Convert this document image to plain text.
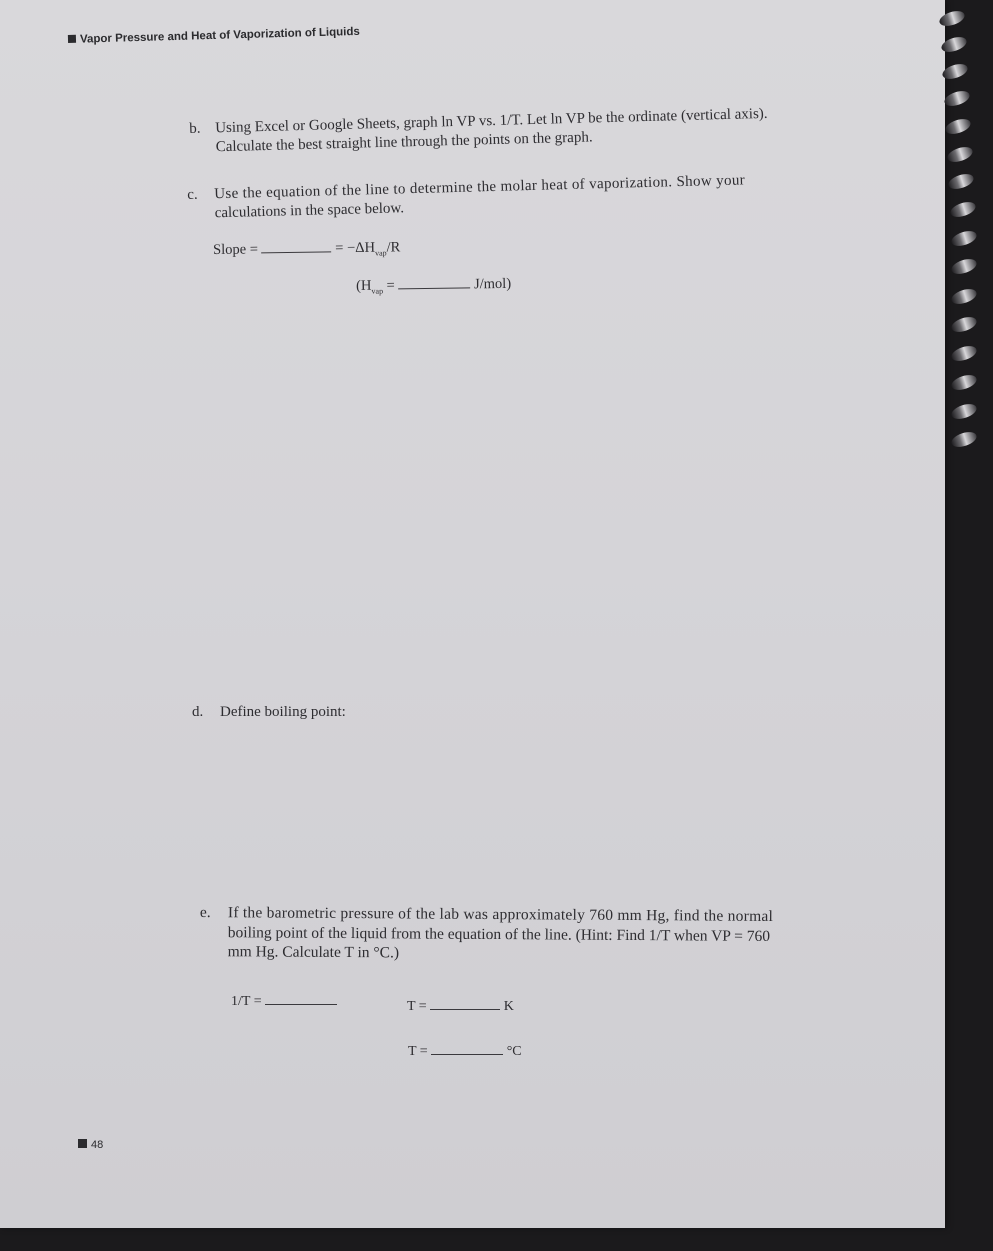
Vapor Pressure and Heat of Vaporization of Liquids
b. Using Excel or Google Sheets, graph ln VP vs. 1/T. Let ln VP be the ordinate (vertical axis).
Calculate the best straight line through the points on the graph.
c. Use the equation of the line to determine the molar heat of vaporization. Show your
calculations in the space below.
Slope =	= $-\Delta H_{vap}/R$
($H_{vap}$ =	J/mol)
d. Define boiling point:
e. If the barometric pressure of the lab was approximately 760 mm Hg, find the normal
boiling point of the liquid from the equation of the line. (Hint: Find 1/T when VP = 760
mm Hg. Calculate T in °C.)
1/T =	T =	K
T =	°C
48
